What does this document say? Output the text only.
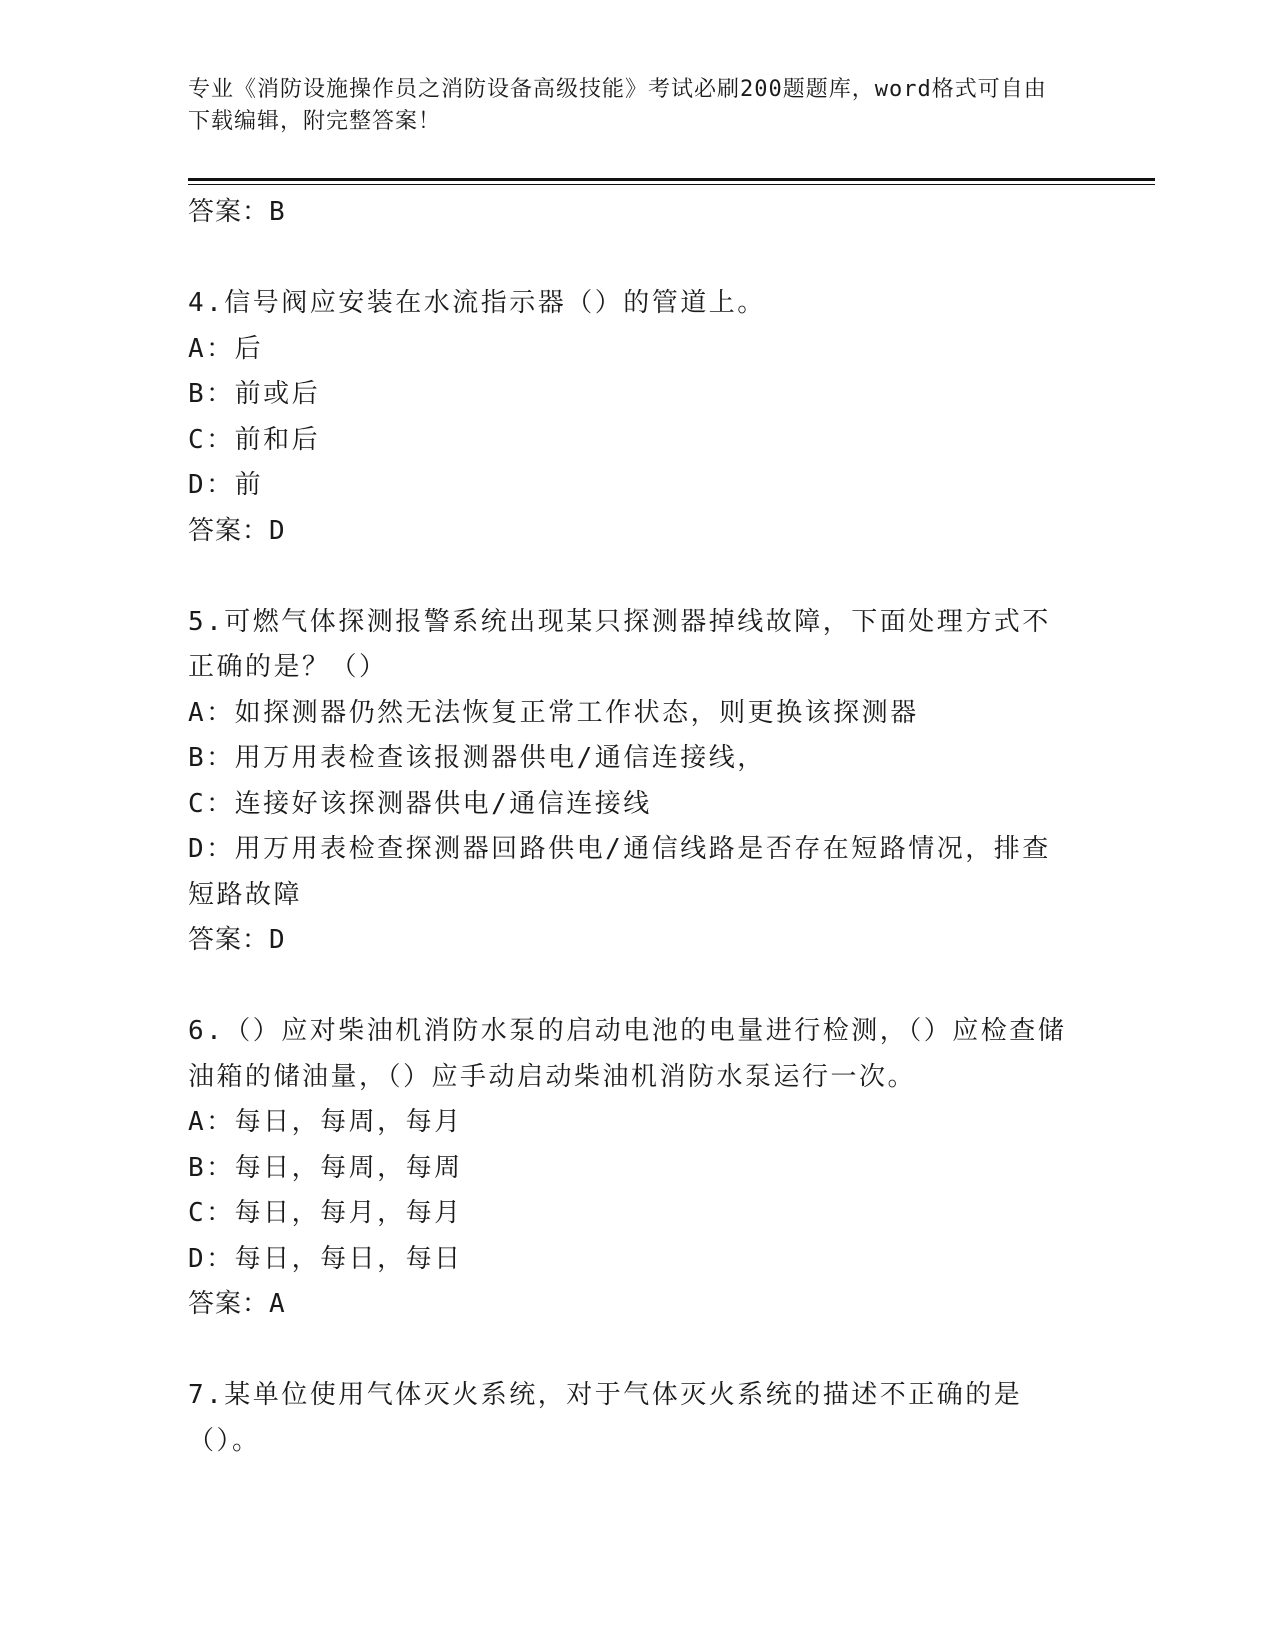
专业《消防设施操作员之消防设备高级技能》考试必刷200题题库，word格式可自由下载编辑，附完整答案！

答案：B

4.信号阀应安装在水流指示器（）的管道上。

A：后

B：前或后

C：前和后

D：前

答案：D

5.可燃气体探测报警系统出现某只探测器掉线故障，下面处理方式不正确的是？（）

A：如探测器仍然无法恢复正常工作状态，则更换该探测器

B：用万用表检查该报测器供电/通信连接线，

C：连接好该探测器供电/通信连接线

D：用万用表检查探测器回路供电/通信线路是否存在短路情况，排查短路故障

答案：D

6.（）应对柴油机消防水泵的启动电池的电量进行检测，（）应检查储油箱的储油量，（）应手动启动柴油机消防水泵运行一次。

A：每日，每周，每月

B：每日，每周，每周

C：每日，每月，每月

D：每日，每日，每日

答案：A

7.某单位使用气体灭火系统，对于气体灭火系统的描述不正确的是（）。
